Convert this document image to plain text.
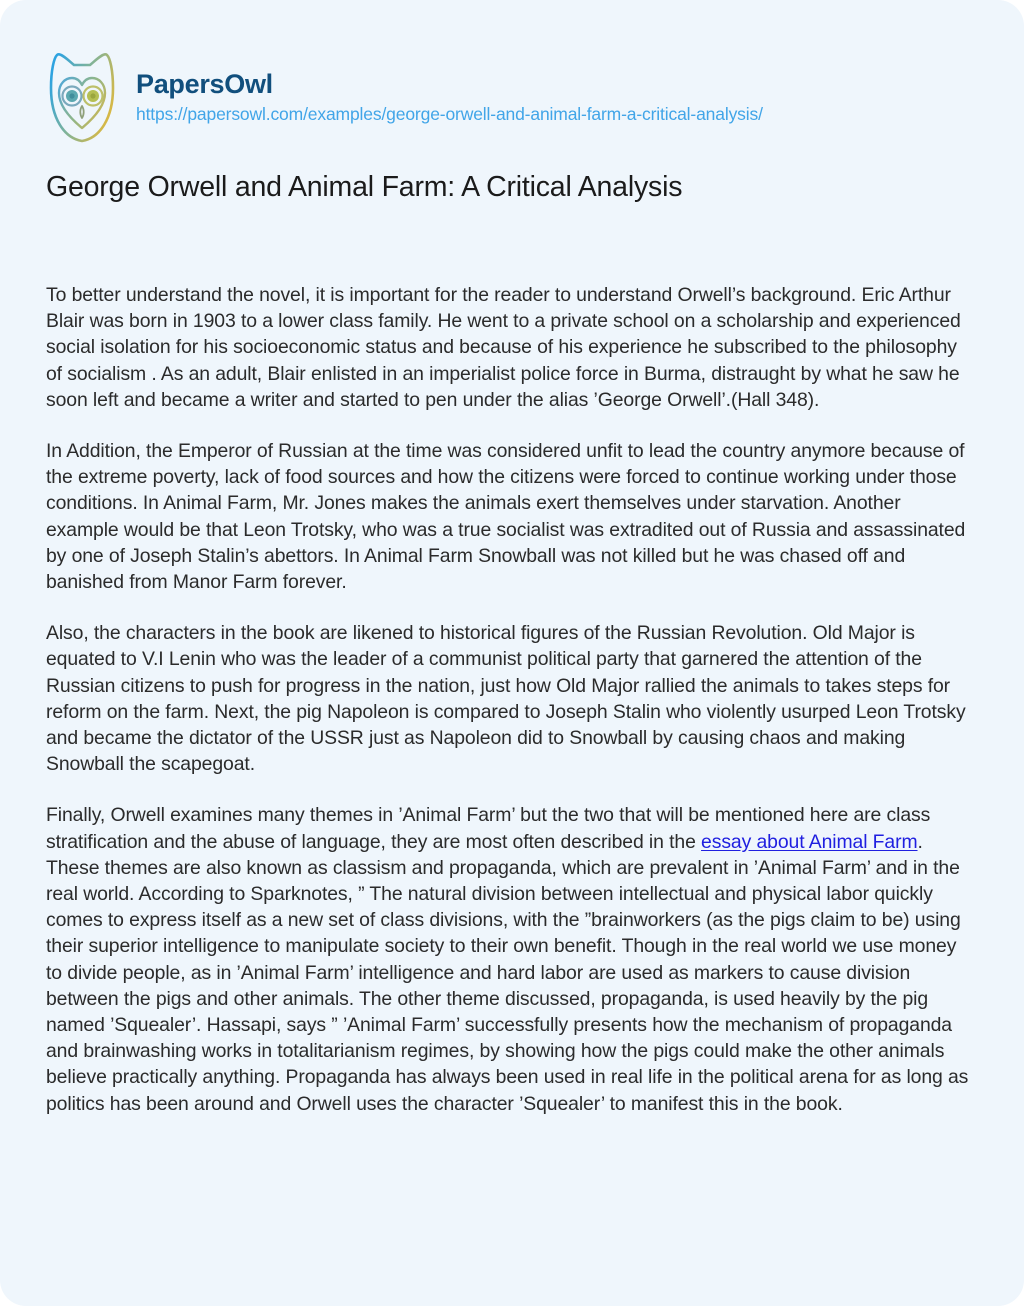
PapersOwl
https://papersowl.com/examples/george-orwell-and-animal-farm-a-critical-analysis/
George Orwell and Animal Farm: A Critical Analysis

To better understand the novel, it is important for the reader to understand Orwell’s background. Eric Arthur Blair was born in 1903 to a lower class family. He went to a private school on a scholarship and experienced social isolation for his socioeconomic status and because of his experience he subscribed to the philosophy of socialism . As an adult, Blair enlisted in an imperialist police force in Burma, distraught by what he saw he soon left and became a writer and started to pen under the alias ’George Orwell’.(Hall 348).

In Addition, the Emperor of Russian at the time was considered unfit to lead the country anymore because of the extreme poverty, lack of food sources and how the citizens were forced to continue working under those conditions. In Animal Farm, Mr. Jones makes the animals exert themselves under starvation. Another example would be that Leon Trotsky, who was a true socialist was extradited out of Russia and assassinated by one of Joseph Stalin’s abettors. In Animal Farm Snowball was not killed but he was chased off and banished from Manor Farm forever.

Also, the characters in the book are likened to historical figures of the Russian Revolution. Old Major is equated to V.I Lenin who was the leader of a communist political party that garnered the attention of the Russian citizens to push for progress in the nation, just how Old Major rallied the animals to takes steps for reform on the farm. Next, the pig Napoleon is compared to Joseph Stalin who violently usurped Leon Trotsky and became the dictator of the USSR just as Napoleon did to Snowball by causing chaos and making Snowball the scapegoat.

Finally, Orwell examines many themes in ’Animal Farm’ but the two that will be mentioned here are class stratification and the abuse of language, they are most often described in the essay about Animal Farm. These themes are also known as classism and propaganda, which are prevalent in ’Animal Farm’ and in the real world. According to Sparknotes, ” The natural division between intellectual and physical labor quickly comes to express itself as a new set of class divisions, with the ”brainworkers (as the pigs claim to be) using their superior intelligence to manipulate society to their own benefit. Though in the real world we use money to divide people, as in ’Animal Farm’ intelligence and hard labor are used as markers to cause division between the pigs and other animals. The other theme discussed, propaganda, is used heavily by the pig named ’Squealer’. Hassapi, says ” ’Animal Farm’ successfully presents how the mechanism of propaganda and brainwashing works in totalitarianism regimes, by showing how the pigs could make the other animals believe practically anything. Propaganda has always been used in real life in the political arena for as long as politics has been around and Orwell uses the character ’Squealer’ to manifest this in the book.
